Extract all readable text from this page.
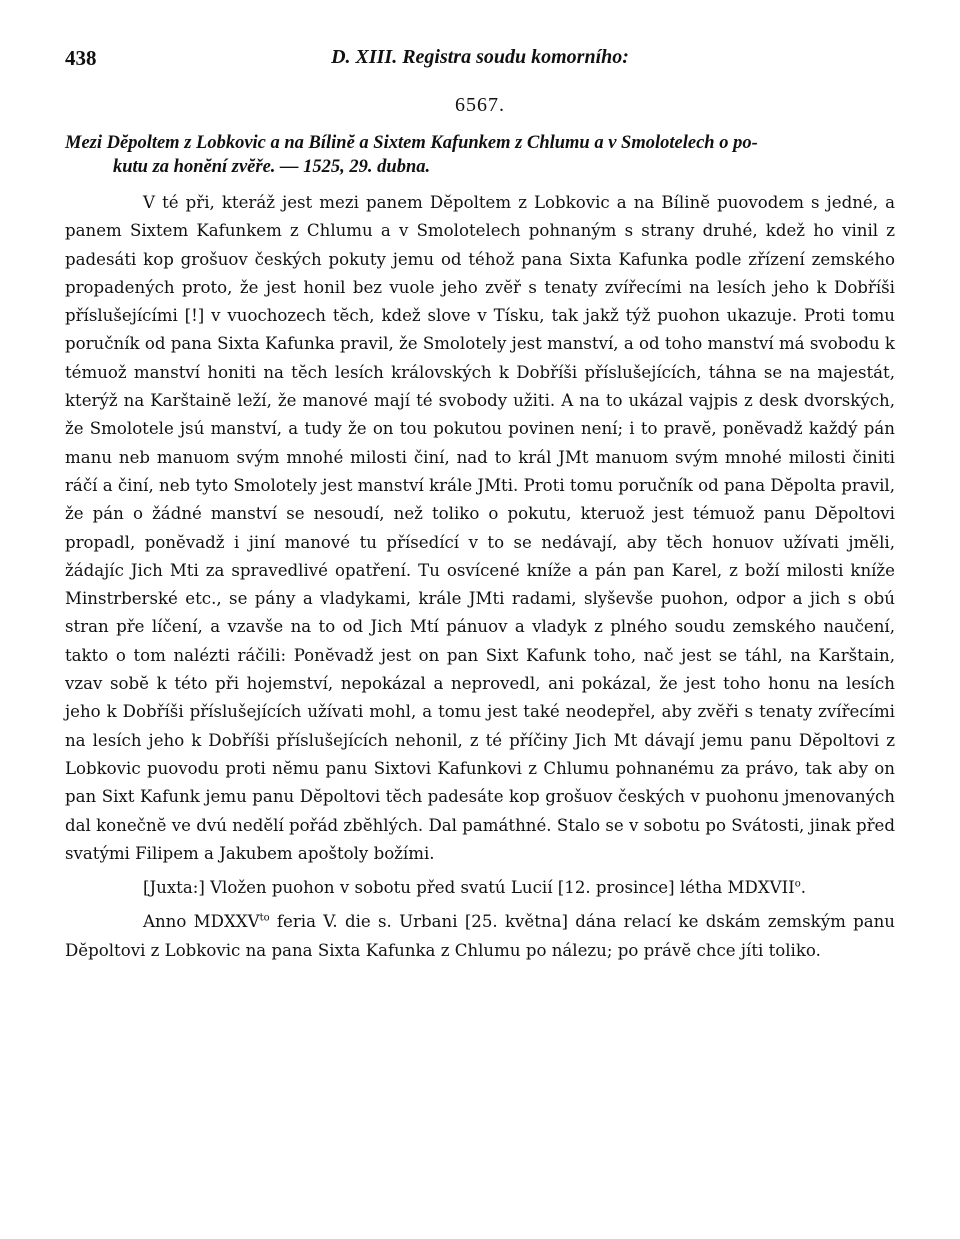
438	D. XIII. Registra soudu komorního:
6567.
Mezi Dĕpoltem z Lobkovic a na Bílinĕ a Sixtem Kafunkem z Chlumu a v Smolotelech o po-
kutu za honĕní zvĕře. — 1525, 29. dubna.

V té při, kteráž jest mezi panem Dĕpoltem z Lobkovic a na Bílinĕ puovodem s jedné, a panem Sixtem Kafunkem z Chlumu a v Smolotelech pohnaným s strany druhé, kdež ho vinil z padesáti kop grošuov českých pokuty jemu od téhož pana Sixta Kafunka podle zřízení zemského propadených proto, že jest honil bez vuole jeho zvĕř s tenaty zvířecími na lesích jeho k Dobříši příslušejícími [!] v vuochozech tĕch, kdež slove v Tísku, tak jakž týž puohon ukazuje. Proti tomu poručník od pana Sixta Kafunka pravil, že Smolotely jest manství, a od toho manství má svobodu k témuož manství honiti na tĕch lesích královských k Dobříši příslušejících, táhna se na majestát, kterýž na Karštainĕ leží, že manové mají té svobody užiti. A na to ukázal vajpis z desk dvorských, že Smolotele jsú manství, a tudy že on tou pokutou povinen není; i to pravĕ, ponĕvadž každý pán manu neb manuom svým mnohé milosti činí, nad to král JMt manuom svým mnohé milosti činiti ráčí a činí, neb tyto Smolotely jest manství krále JMti. Proti tomu poručník od pana Dĕpolta pravil, že pán o žádné manství se nesoudí, než toliko o pokutu, kteruož jest témuož panu Dĕpoltovi propadl, ponĕvadž i jiní manové tu přísedící v to se nedávají, aby tĕch honuov užívati jmĕli, žádajíc Jich Mti za spravedlivé opatření. Tu osvícené kníže a pán pan Karel, z boží milosti kníže Minstrberské etc., se pány a vladykami, krále JMti radami, slyševše puohon, odpor a jich s obú stran pře líčení, a vzavše na to od Jich Mtí pánuov a vladyk z plného soudu zemského naučení, takto o tom nalézti ráčili: Ponĕvadž jest on pan Sixt Kafunk toho, nač jest se táhl, na Karštain, vzav sobĕ k této při hojemství, nepokázal a neprovedl, ani pokázal, že jest toho honu na lesích jeho k Dobříši příslušejících užívati mohl, a tomu jest také neodepřel, aby zvĕři s tenaty zvířecími na lesích jeho k Dobříši příslušejících nehonil, z té příčiny Jich Mt dávají jemu panu Dĕpoltovi z Lobkovic puovodu proti nĕmu panu Sixtovi Kafunkovi z Chlumu pohnanému za právo, tak aby on pan Sixt Kafunk jemu panu Dĕpoltovi tĕch padesáte kop grošuov českých v puohonu jmenovaných dal konečnĕ ve dvú nedĕlí pořád zbĕhlých. Dal památhné. Stalo se v sobotu po Svátosti, jinak před svatými Filipem a Jakubem apoštoly božími.

[Juxta:] Vložen puohon v sobotu před svatú Lucií [12. prosince] létha MDXVII$^o$.

Anno $MDXXV^{to}$ feria V. die s. Urbani [25. května] dána relací ke dskám zemským panu Dĕpoltovi z Lobkovic na pana Sixta Kafunka z Chlumu po nálezu; po právĕ chce jíti toliko.
